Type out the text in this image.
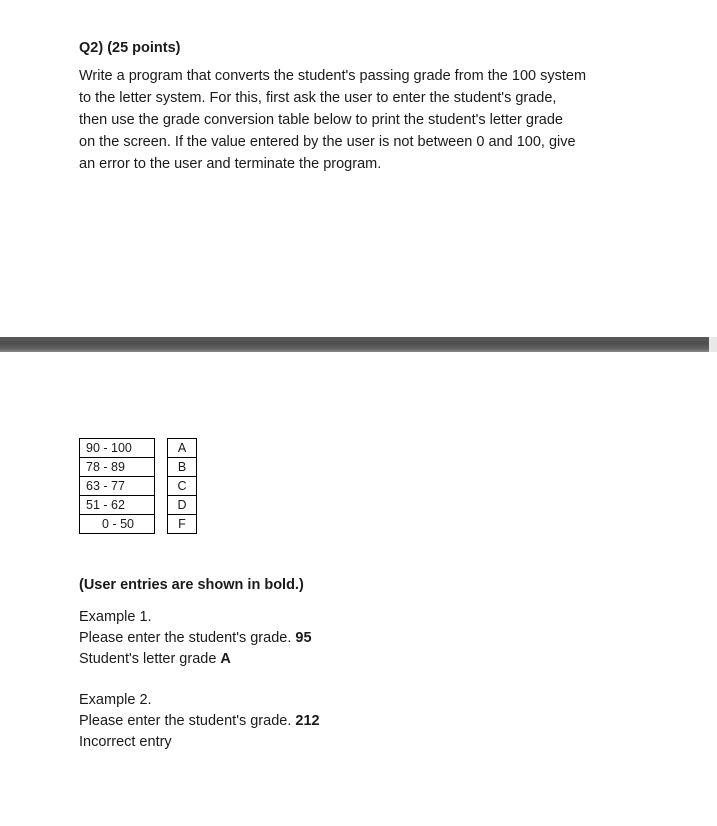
Q2) (25 points)
Write a program that converts the student's passing grade from the 100 system
to the letter system. For this, first ask the user to enter the student's grade,
then use the grade conversion table below to print the student's letter grade
on the screen. If the value entered by the user is not between 0 and 100, give
an error to the user and terminate the program.
90 - 100		A
78 - 89		B
63 - 77		C
51 - 62		D
0 - 50		F
(User entries are shown in bold.)
Example 1.
Please enter the student's grade. 95
Student's letter grade A
Example 2.
Please enter the student's grade. 212
Incorrect entry
